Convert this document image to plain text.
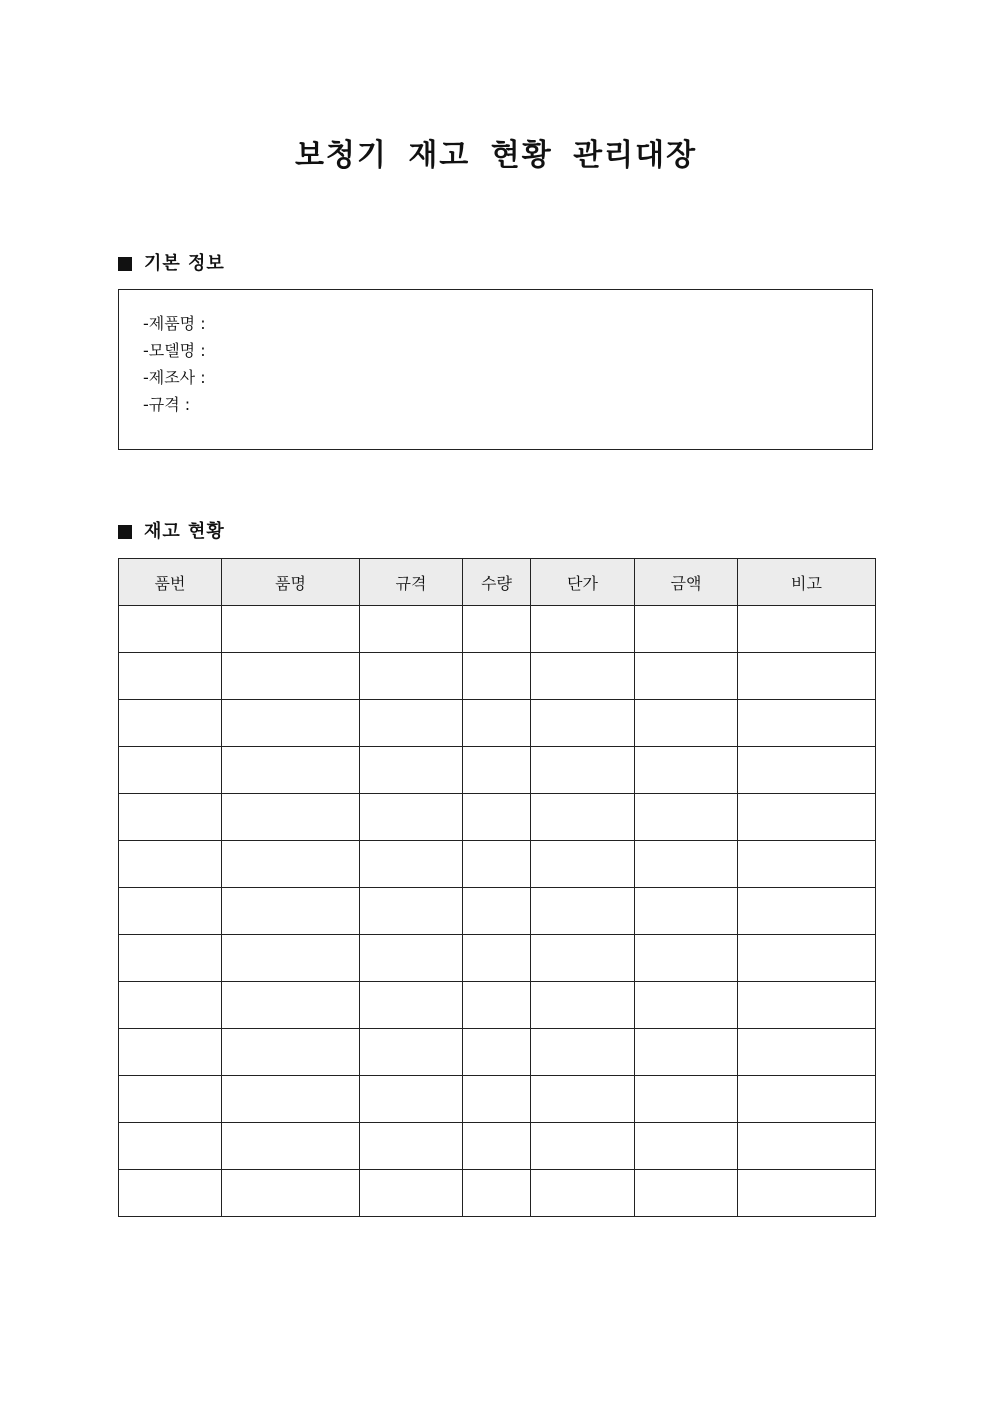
보청기 재고 현황 관리대장
기본 정보

-제품명 :

-모델명 :

-제조사 :

-규격 :

재고 현황
품번	품명	규격	수량	단가	금액	비고
